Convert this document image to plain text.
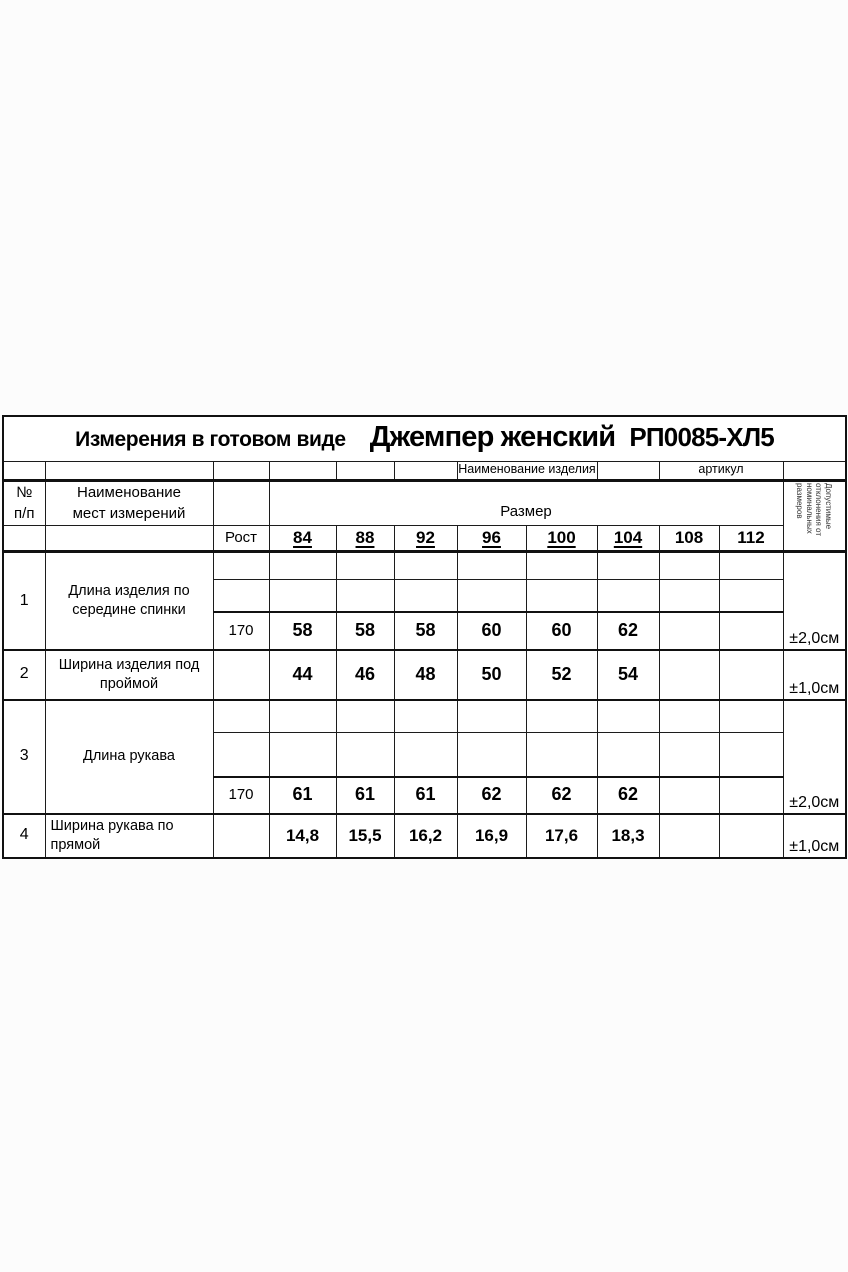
Измерения в готовом виде Джемпер женский РП0085-ХЛ5											
						Наименование изделия			артикул		

№
п/п
	Наименование мест измерений		Размер	Допустимые
отклонения от
номинальных
размеров

		Рост	84	88	92	96	100	104	108	112	
1	Длина изделия по середине спинки										±2,0см

		170	58	58	58	60	60	62			
2	Ширина изделия под проймой		44	46	48	50	52	54			±1,0см
3	Длина рукава										±2,0см

		170	61	61	61	62	62	62			
4	Ширина рукава по прямой		14,8	15,5	16,2	16,9	17,6	18,3			±1,0см
